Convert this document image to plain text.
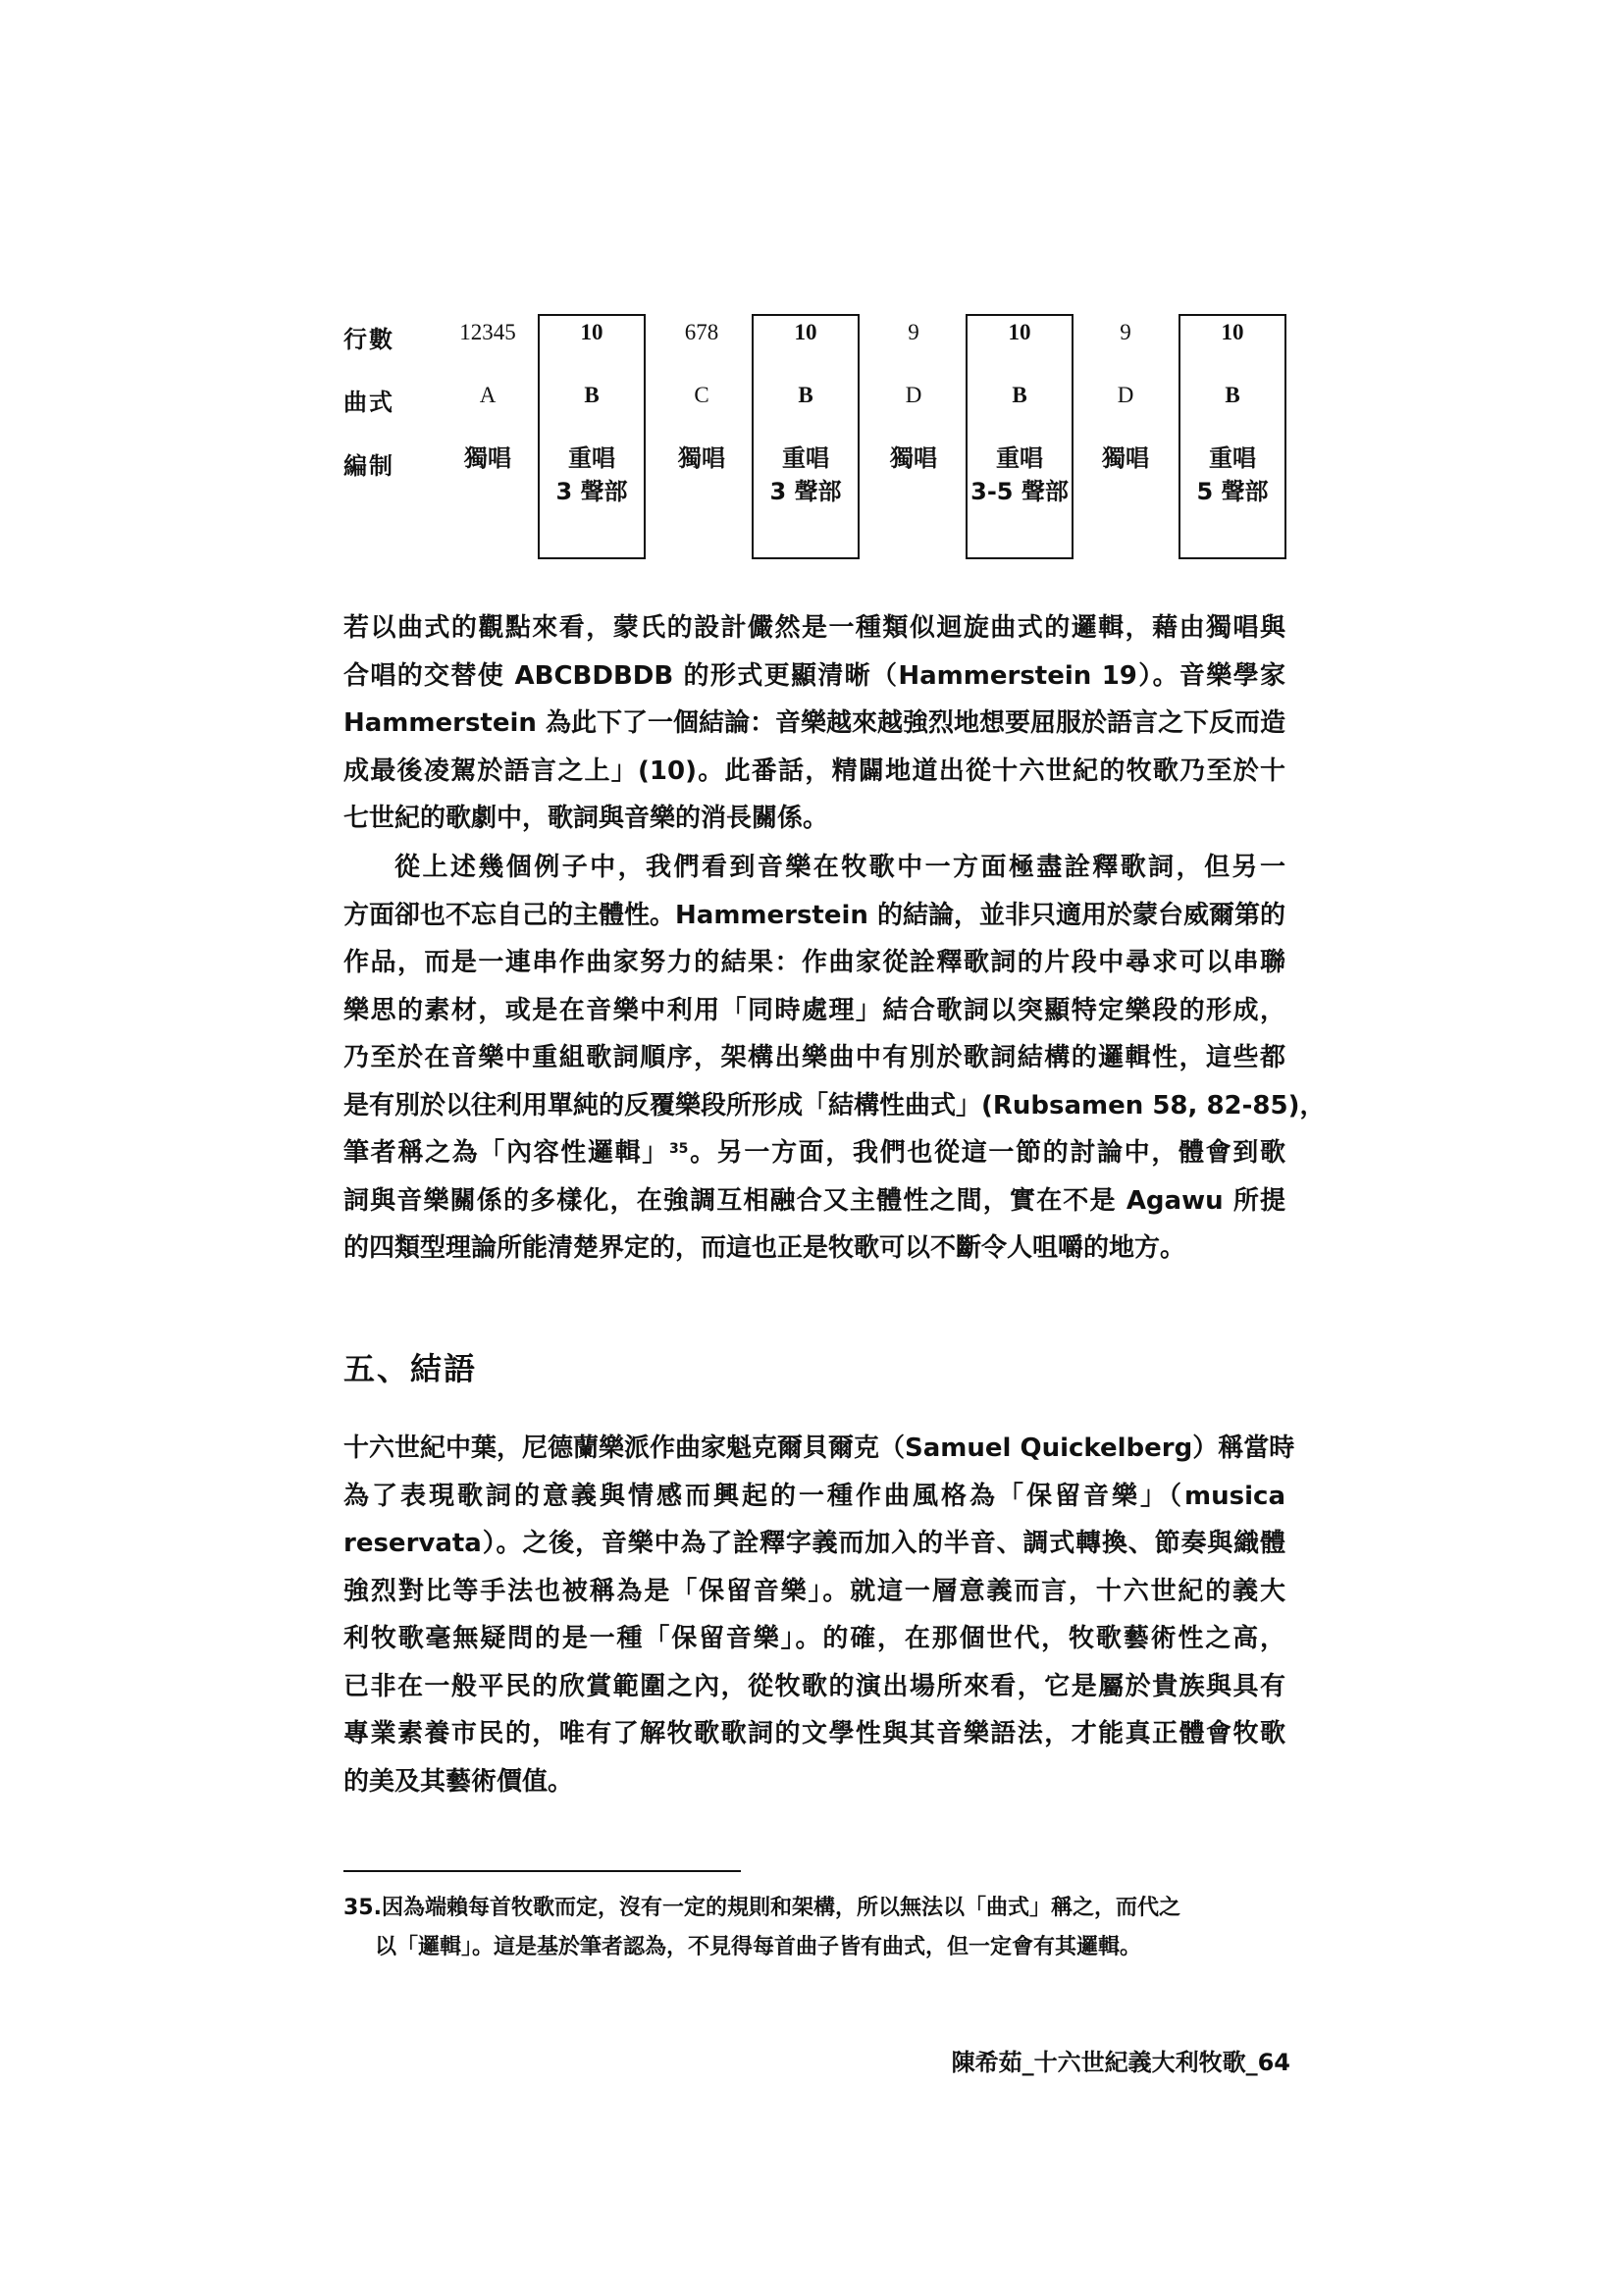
行數
曲式
編制
12345
A
獨唱
10
B
重唱
3 聲部
678
C
獨唱
10
B
重唱
3 聲部
9
D
獨唱
10
B
重唱
3-5 聲部
9
D
獨唱
10
B
重唱
5 聲部

若以曲式的觀點來看，蒙氏的設計儼然是一種類似迴旋曲式的邏輯，藉由獨唱與
合唱的交替使 ABCBDBDB 的形式更顯清晰（Hammerstein 19）。音樂學家
Hammerstein 為此下了一個結論：音樂越來越強烈地想要屈服於語言之下反而造
成最後凌駕於語言之上」(10)。此番話，精闢地道出從十六世紀的牧歌乃至於十
七世紀的歌劇中，歌詞與音樂的消長關係。

從上述幾個例子中，我們看到音樂在牧歌中一方面極盡詮釋歌詞，但另一
方面卻也不忘自己的主體性。Hammerstein 的結論，並非只適用於蒙台威爾第的
作品，而是一連串作曲家努力的結果：作曲家從詮釋歌詞的片段中尋求可以串聯
樂思的素材，或是在音樂中利用「同時處理」結合歌詞以突顯特定樂段的形成，
乃至於在音樂中重組歌詞順序，架構出樂曲中有別於歌詞結構的邏輯性，這些都
是有別於以往利用單純的反覆樂段所形成「結構性曲式」(Rubsamen 58, 82-85)，
筆者稱之為「內容性邏輯」$^{35}$。另一方面，我們也從這一節的討論中，體會到歌
詞與音樂關係的多樣化，在強調互相融合又主體性之間，實在不是 Agawu 所提
的四類型理論所能清楚界定的，而這也正是牧歌可以不斷令人咀嚼的地方。

五、結語

十六世紀中葉，尼德蘭樂派作曲家魁克爾貝爾克（Samuel Quickelberg）稱當時
為了表現歌詞的意義與情感而興起的一種作曲風格為「保留音樂」（musica
reservata）。之後，音樂中為了詮釋字義而加入的半音、調式轉換、節奏與織體
強烈對比等手法也被稱為是「保留音樂」。就這一層意義而言，十六世紀的義大
利牧歌毫無疑問的是一種「保留音樂」。的確，在那個世代，牧歌藝術性之高，
已非在一般平民的欣賞範圍之內，從牧歌的演出場所來看，它是屬於貴族與具有
專業素養市民的，唯有了解牧歌歌詞的文學性與其音樂語法，才能真正體會牧歌
的美及其藝術價值。

35.因為端賴每首牧歌而定，沒有一定的規則和架構，所以無法以「曲式」稱之，而代之
以「邏輯」。這是基於筆者認為，不見得每首曲子皆有曲式，但一定會有其邏輯。

陳希茹_十六世紀義大利牧歌_64
